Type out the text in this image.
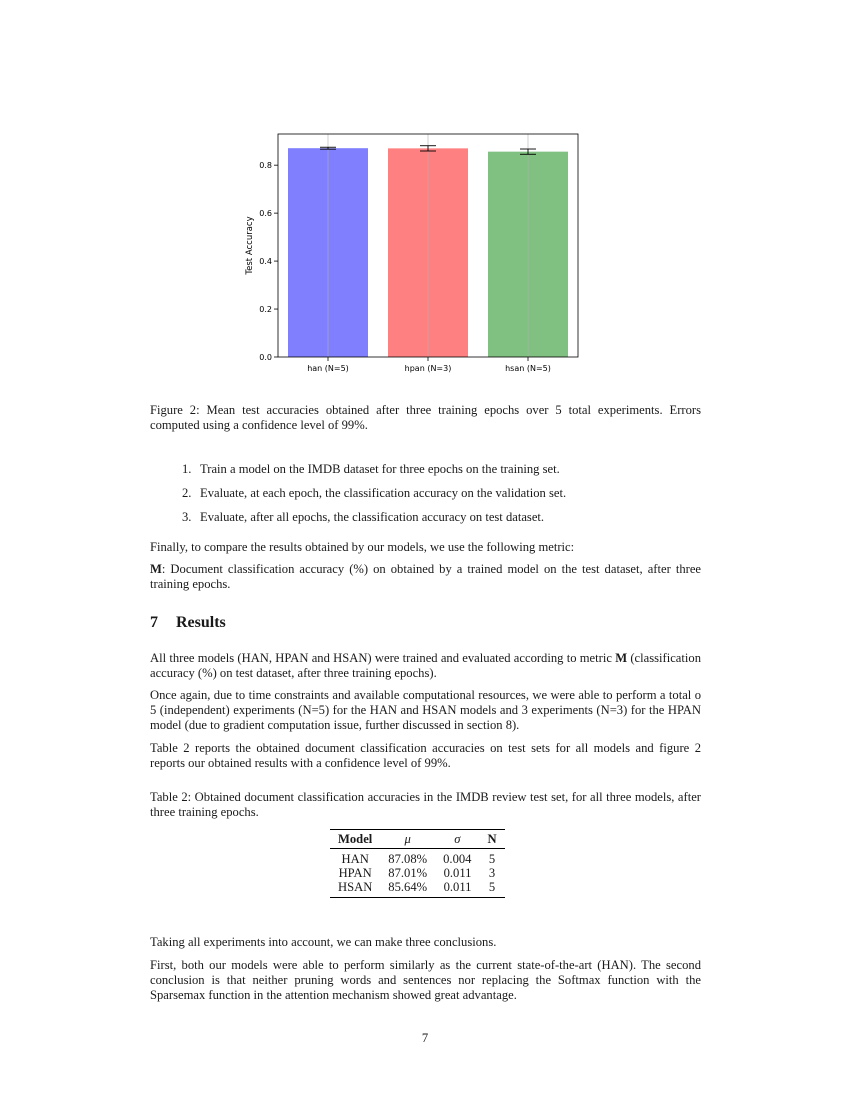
0.0
0.2
0.4
0.6
0.8
han (N=5)	hpan (N=3)	hsan (N=5)
Test Accuracy
Figure 2: Mean test accuracies obtained after three training epochs over 5 total experiments. Errors computed using a confidence level of 99%.
1. Train a model on the IMDB dataset for three epochs on the training set.
2. Evaluate, at each epoch, the classification accuracy on the validation set.
3. Evaluate, after all epochs, the classification accuracy on test dataset.
Finally, to compare the results obtained by our models, we use the following metric:
M: Document classification accuracy (%) on obtained by a trained model on the test dataset, after three training epochs.
7 Results
All three models (HAN, HPAN and HSAN) were trained and evaluated according to metric M (classification accuracy (%) on test dataset, after three training epochs).
Once again, due to time constraints and available computational resources, we were able to perform a total o 5 (independent) experiments (N=5) for the HAN and HSAN models and 3 experiments (N=3) for the HPAN model (due to gradient computation issue, further discussed in section 8).
Table 2 reports the obtained document classification accuracies on test sets for all models and figure 2 reports our obtained results with a confidence level of 99%.
Table 2: Obtained document classification accuracies in the IMDB review test set, for all three models, after three training epochs.
Model	μ	σ	N
HAN	87.08%	0.004	5
HPAN	87.01%	0.011	3
HSAN	85.64%	0.011	5
Taking all experiments into account, we can make three conclusions.
First, both our models were able to perform similarly as the current state-of-the-art (HAN). The second conclusion is that neither pruning words and sentences nor replacing the Softmax function with the Sparsemax function in the attention mechanism showed great advantage.
7
